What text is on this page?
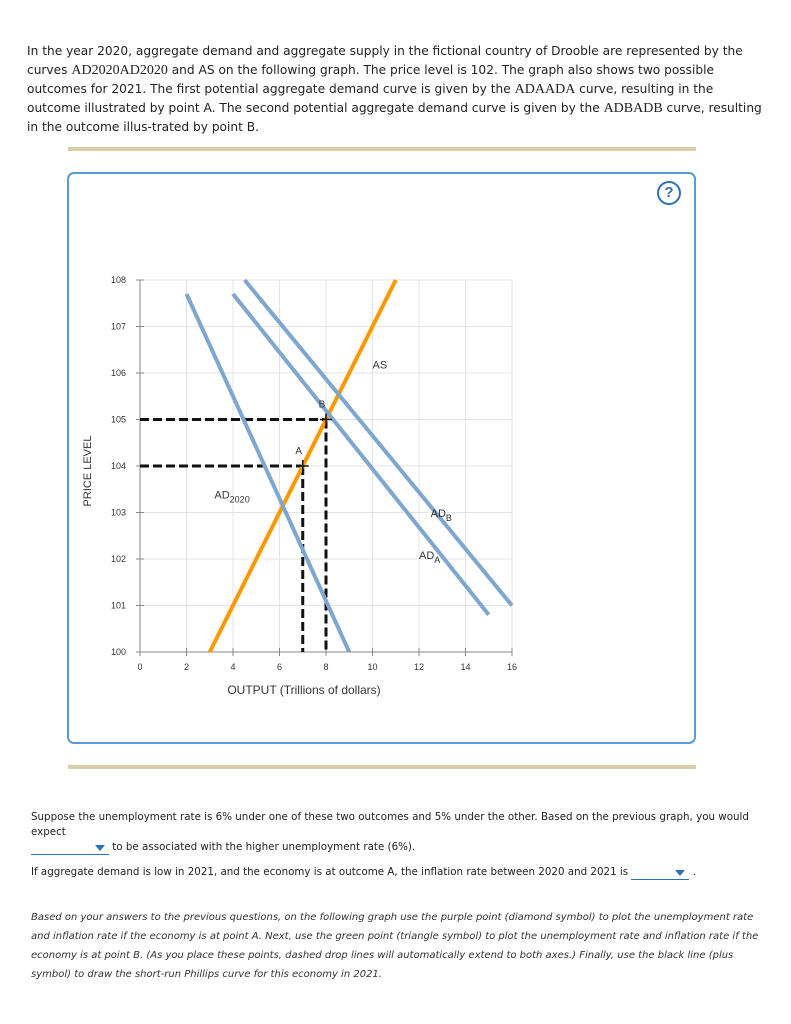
In the year 2020, aggregate demand and aggregate supply in the fictional country of Drooble are represented by the curves AD2020AD2020 and AS on the following graph. The price level is 102. The graph also shows two possible outcomes for 2021. The first potential aggregate demand curve is given by the ADAADA curve, resulting in the outcome illustrated by point A. The second potential aggregate demand curve is given by the ADBADB curve, resulting in the outcome illus-trated by point B.
?
0	2	4	6	8	10	12	14	16
100
101
102
103
104
105
106
107
108
OUTPUT (Trillions of dollars)
PRICE LEVEL
AS
$AD_{2020}$
$AD_A$
$AD_B$
A
B
Suppose the unemployment rate is 6% under one of these two outcomes and 5% under the other. Based on the previous graph, you would expect

to be associated with the higher unemployment rate (6%).
If aggregate demand is low in 2021, and the economy is at outcome A, the inflation rate between 2020 and 2021 is	.
Based on your answers to the previous questions, on the following graph use the purple point (diamond symbol) to plot the unemployment rate and inflation rate if the economy is at point A. Next, use the green point (triangle symbol) to plot the unemployment rate and inflation rate if the economy is at point B. (As you place these points, dashed drop lines will automatically extend to both axes.) Finally, use the black line (plus symbol) to draw the short-run Phillips curve for this economy in 2021.
